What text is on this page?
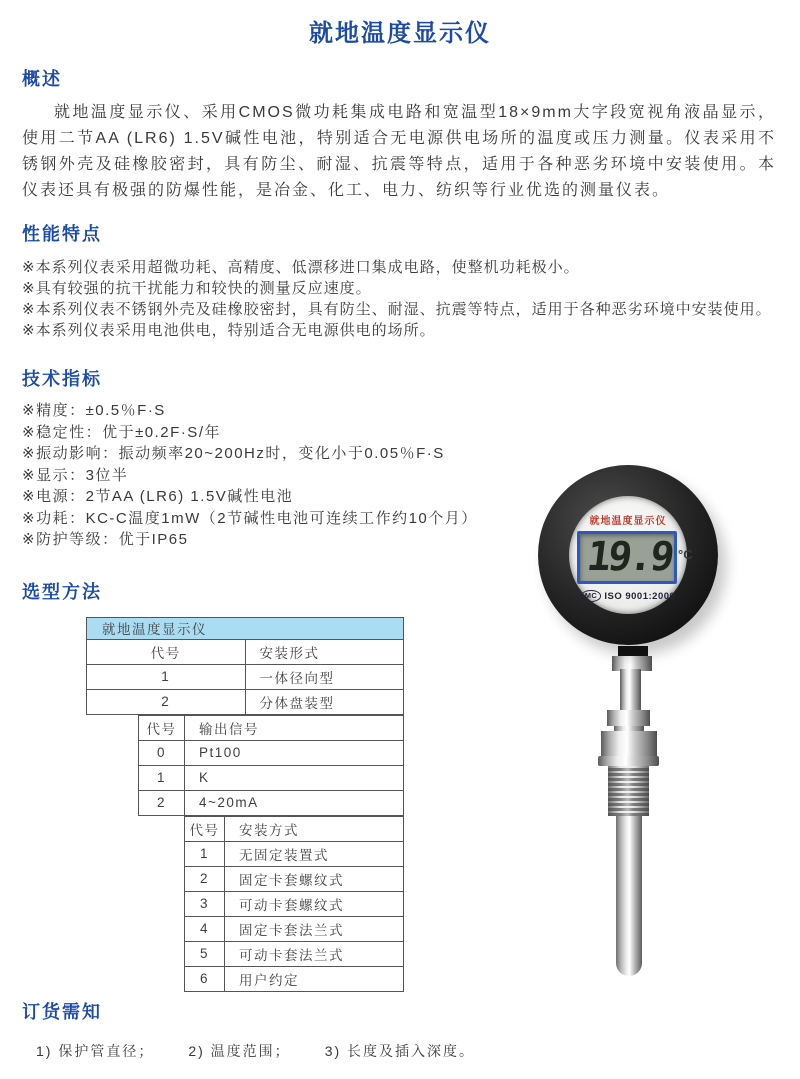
就地温度显示仪
概述

就地温度显示仪、采用CMOS微功耗集成电路和宽温型18×9mm大字段宽视角液晶显示，使用二节AA (LR6) 1.5V碱性电池，特别适合无电源供电场所的温度或压力测量。仪表采用不锈钢外壳及硅橡胶密封，具有防尘、耐湿、抗震等特点，适用于各种恶劣环境中安装使用。本仪表还具有极强的防爆性能，是冶金、化工、电力、纺织等行业优选的测量仪表。

性能特点
※本系列仪表采用超微功耗、高精度、低漂移进口集成电路，使整机功耗极小。
※具有较强的抗干扰能力和较快的测量反应速度。
※本系列仪表不锈钢外壳及硅橡胶密封，具有防尘、耐湿、抗震等特点，适用于各种恶劣环境中安装使用。
※本系列仪表采用电池供电，特别适合无电源供电的场所。
技术指标
※精度：±0.5％F·S
※稳定性：优于±0.2F·S/年
※振动影响：振动频率20~200Hz时，变化小于0.05％F·S
※显示：3位半
※电源：2节AA (LR6) 1.5V碱性电池
※功耗：KC-C温度1mW（2节碱性电池可连续工作约10个月）
※防护等级：优于IP65
选型方法
就地温度显示仪	
代号	安装形式
1	一体径向型
2	分体盘装型
代号	输出信号
0	Pt100
1	K
2	4~20mA
代号	安装方式
1	无固定装置式
2	固定卡套螺纹式
3	可动卡套螺纹式
4	固定卡套法兰式
5	可动卡套法兰式
6	用户约定
订货需知
1) 保护管直径； 2) 温度范围； 3) 长度及插入深度。
就地温度显示仪
19.9 °C
MC ISO 9001:2000
